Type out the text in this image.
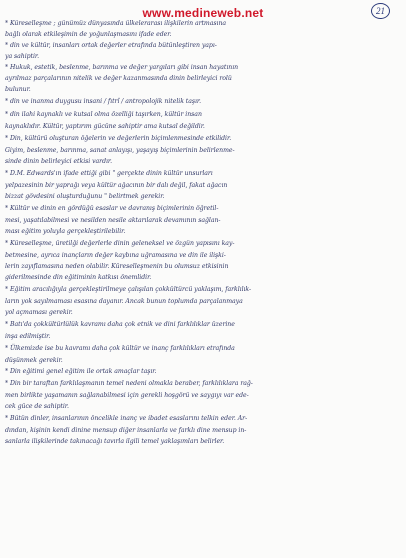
www.medineweb.net	21

* Küreselleşme ; günümüz dünyasında ülkelerarası ilişkilerin artmasına

bağlı olarak etkileşimin de yoğunlaşmasını ifade eder.

* din ve kültür, insanları ortak değerler etrafında bütünleştiren yapı-

ya sahiptir.

* Hukuk, estetik, beslenme, barınma ve değer yargıları gibi insan hayatının

ayrılmaz parçalarının nitelik ve değer kazanmasında dinin belirleyici rolü

bulunur.

* din ve inanma duygusu insani / fıtrî / antropolojik nitelik taşır.

* din ilahi kaynaklı ve kutsal olma özelliği taşırken, kültür insan

kaynaklıdır. Kültür, yaptırım gücüne sahiptir ama kutsal değildir.

* Din, kültürü oluşturan öğelerin ve değerlerin biçimlenmesinde etkilidir.

Giyim, beslenme, barınma, sanat anlayışı, yaşayış biçimlerinin belirlenme-

sinde dinin belirleyici etkisi vardır.

* D.M. Edwards'ın ifade ettiği gibi " gerçekte dinin kültür unsurları

yelpazesinin bir yaprağı veya kültür ağacının bir dalı değil, fakat ağacın

bizzat gövdesini oluşturduğunu " belirtmek gerekir.

* Kültür ve dinin en gördüğü esaslar ve davranış biçimlerinin öğretil-

mesi, yaşatılabilmesi ve nesilden nesile aktarılarak devamının sağlan-

ması eğitim yoluyla gerçekleştirilebilir.

* Küreselleşme, üretilği değerlerle dinin geleneksel ve özgün yapısını kay-

betmesine, ayrıca inançların değer kaybına uğramasına ve din ile ilişki-

lerin zayıflamasına neden olabilir. Küreselleşmenin bu olumsuz etkisinin

giderilmesinde din eğitiminin katkısı önemlidir.

* Eğitim aracılığıyla gerçekleştirilmeye çalışılan çokkültürcü yaklaşım, farklılık-

ların yok sayılmaması esasına dayanır. Ancak bunun toplumda parçalanmaya

yol açmaması gerekir.

* Batı'da çokkültürlülük kavramı daha çok etnik ve dini farklılıklar üzerine

inşa edilmiştir.

* Ülkemizde ise bu kavramı daha çok kültür ve inanç farklılıkları etrafında

düşünmek gerekir.

* Din eğitimi genel eğitim ile ortak amaçlar taşır.

* Din bir taraftan farklılaşmanın temel nedeni olmakla beraber, farklılıklara rağ-

men birlikte yaşamanın sağlanabilmesi için gerekli hoşgörü ve saygıyı var ede-

cek güce de sahiptir.

* Bütün dinler, insanlarının öncelikle inanç ve ibadet esaslarını telkin eder. Ar-

dından, kişinin kendi dinine mensup diğer insanlarla ve farklı dine mensup in-

sanlarla ilişkilerinde takınacağı tavırla ilgili temel yaklaşımları belirler.
